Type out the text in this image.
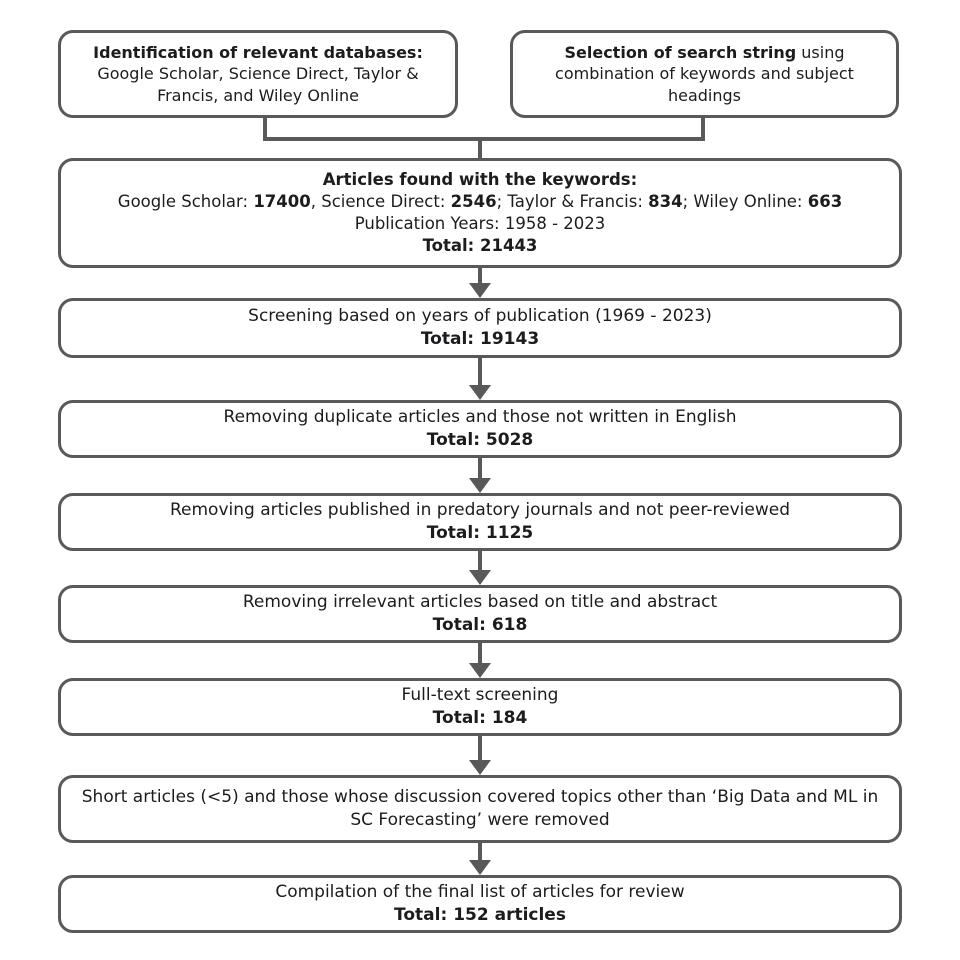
Identification of relevant databases:
Google Scholar, Science Direct, Taylor & Francis, and Wiley Online
Selection of search string using combination of keywords and subject headings
Articles found with the keywords:
Google Scholar: 17400, Science Direct: 2546; Taylor & Francis: 834; Wiley Online: 663
Publication Years: 1958 - 2023
Total: 21443
Screening based on years of publication (1969 - 2023)
Total: 19143
Removing duplicate articles and those not written in English
Total: 5028
Removing articles published in predatory journals and not peer-reviewed
Total: 1125
Removing irrelevant articles based on title and abstract
Total: 618
Full-text screening
Total: 184
Short articles (<5) and those whose discussion covered topics other than ‘Big Data and ML in SC Forecasting’ were removed
Compilation of the final list of articles for review
Total: 152 articles
